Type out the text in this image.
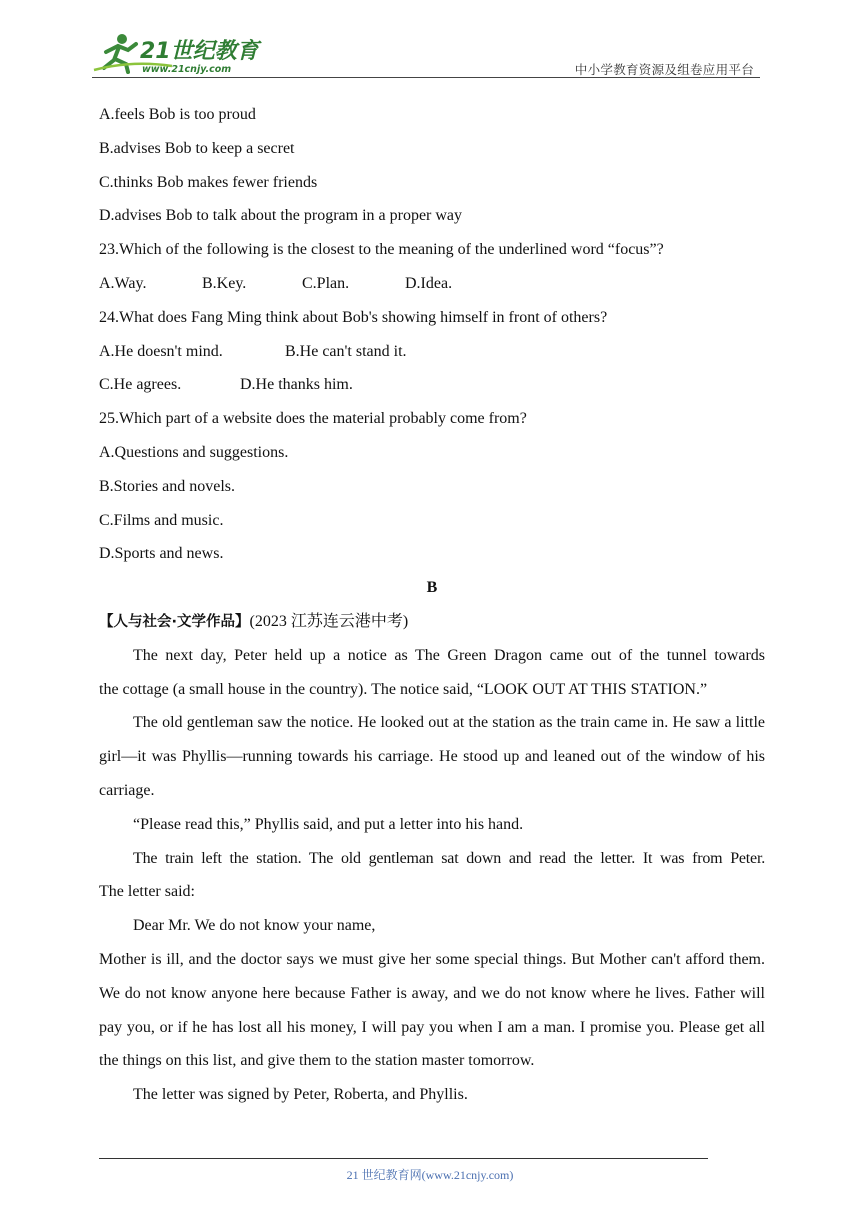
21世纪教育
www.21cnjy.com	中小学教育资源及组卷应用平台
A.feels Bob is too proud
B.advises Bob to keep a secret
C.thinks Bob makes fewer friends
D.advises Bob to talk about the program in a proper way
23.Which of the following is the closest to the meaning of the underlined word “focus”?
A.Way.	B.Key.	C.Plan.	D.Idea.
24.What does Fang Ming think about Bob's showing himself in front of others?
A.He doesn't mind.	B.He can't stand it.
C.He agrees.	D.He thanks him.
25.Which part of a website does the material probably come from?
A.Questions and suggestions.
B.Stories and novels.
C.Films and music.
D.Sports and news.
B
【人与社会·文学作品】(2023 江苏连云港中考)
The next day, Peter held up a notice as The Green Dragon came out of the tunnel towards
the cottage (a small house in the country). The notice said, “LOOK OUT AT THIS STATION.”
The old gentleman saw the notice. He looked out at the station as the train came in. He saw a little girl—it was Phyllis—running towards his carriage. He stood up and leaned out of the window of his carriage.
“Please read this,” Phyllis said, and put a letter into his hand.
The train left the station. The old gentleman sat down and read the letter. It was from Peter.
The letter said:
Dear Mr. We do not know your name,
Mother is ill, and the doctor says we must give her some special things. But Mother can't afford them. We do not know anyone here because Father is away, and we do not know where he lives. Father will pay you, or if he has lost all his money, I will pay you when I am a man. I promise you. Please get all the things on this list, and give them to the station master tomorrow.
The letter was signed by Peter, Roberta, and Phyllis.
21 世纪教育网(www.21cnjy.com)
